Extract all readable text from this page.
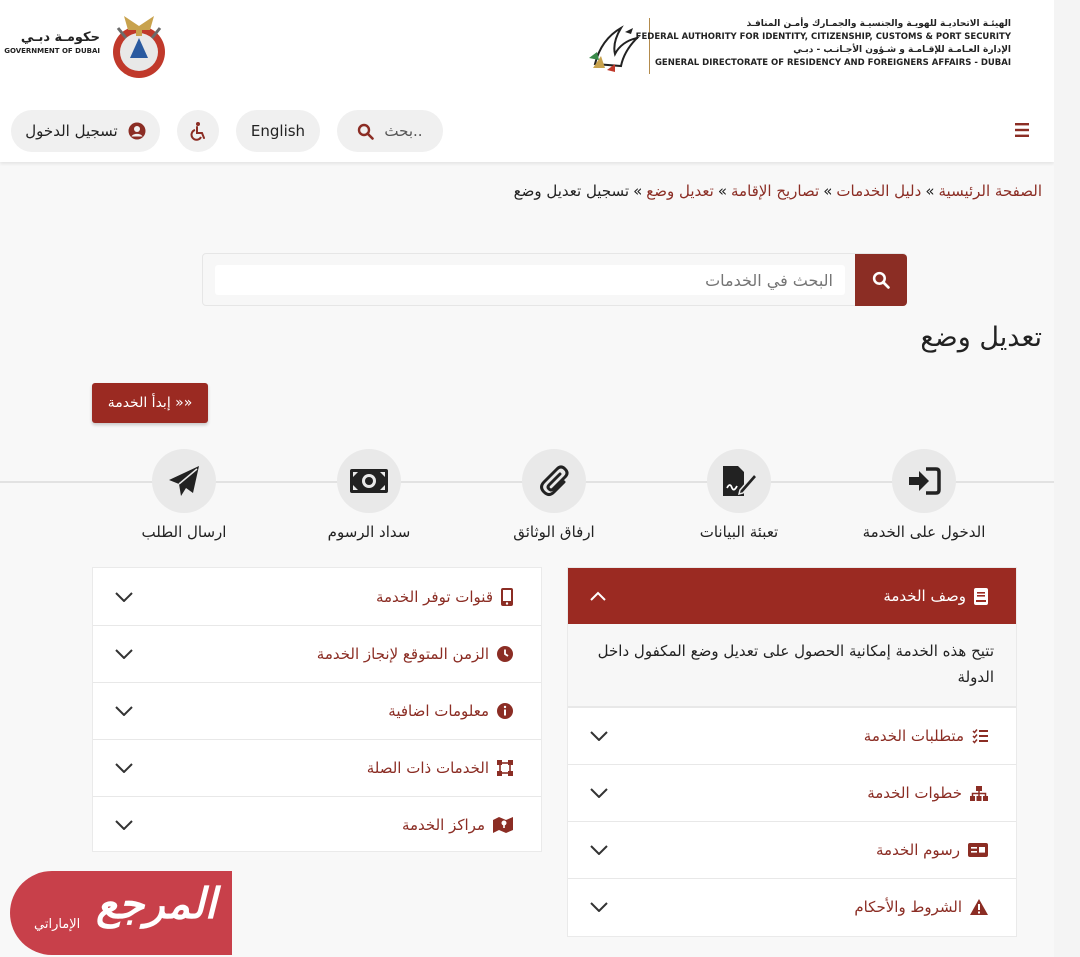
الهيئـة الاتحاديـة للهويـة والجنسيـة والجمـارك وأمـن المنافـذ
FEDERAL AUTHORITY FOR IDENTITY, CITIZENSHIP, CUSTOMS & PORT SECURITY
الإدارة العـامـة للإقـامـة و شـؤون الأجـانـب - دبـي
GENERAL DIRECTORATE OF RESIDENCY AND FOREIGNERS AFFAIRS - DUBAI
حكومـة دبـي
GOVERNMENT OF DUBAI
بحث..
English
تسجيل الدخول
الصفحة الرئيسية»دليل الخدمات»تصاريح الإقامة»تعديل وضع»تسجيل تعديل وضع
البحث في الخدمات
تعديل وضع
إبدأ الخدمة »»
الدخول على الخدمة
تعبئة البيانات
ارفاق الوثائق
سداد الرسوم
ارسال الطلب
وصف الخدمة
تتيح هذه الخدمة إمكانية الحصول على تعديل وضع المكفول داخل الدولة
متطلبات الخدمة
خطوات الخدمة
رسوم الخدمة
الشروط والأحكام
قنوات توفر الخدمة
الزمن المتوقع لإنجاز الخدمة
معلومات اضافية
الخدمات ذات الصلة
مراكز الخدمة
الإماراتي المرجع
